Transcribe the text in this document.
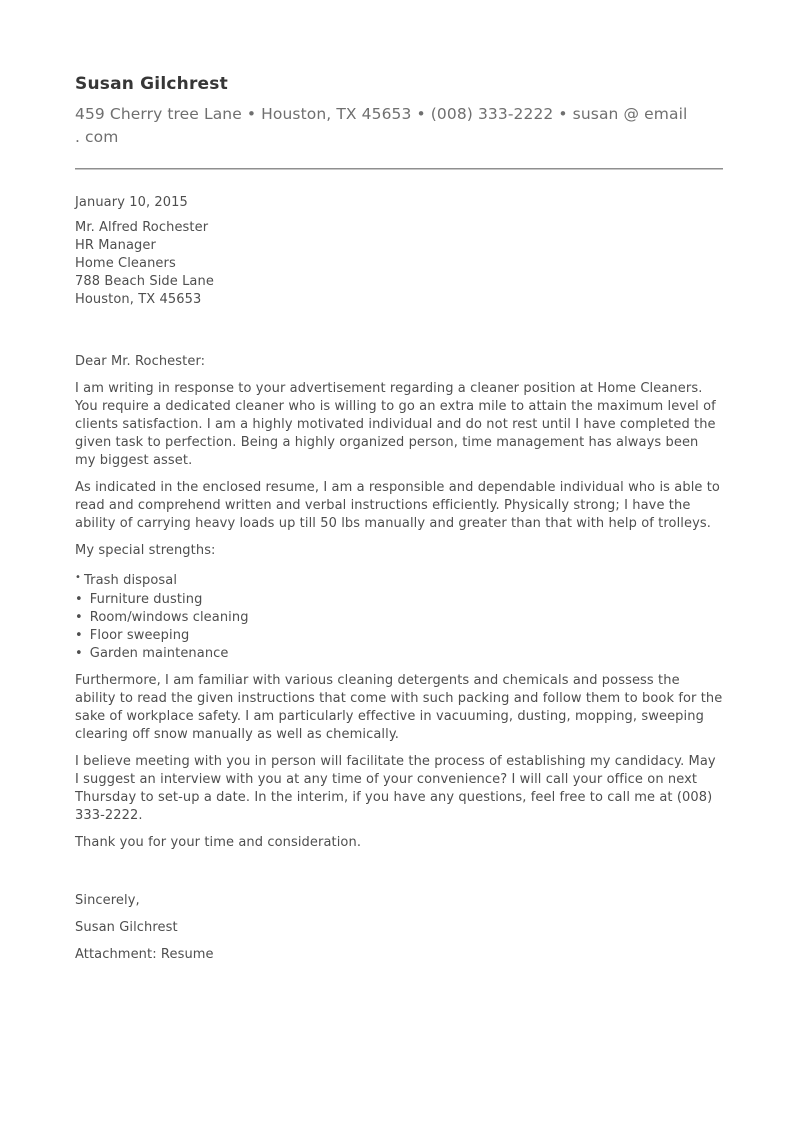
Susan Gilchrest
459 Cherry tree Lane • Houston, TX 45653 • (008) 333-2222 • susan @ email
. com
January 10, 2015
Mr. Alfred Rochester
HR Manager
Home Cleaners
788 Beach Side Lane
Houston, TX 45653

Dear Mr. Rochester:

I am writing in response to your advertisement regarding a cleaner position at Home Cleaners. You require a dedicated cleaner who is willing to go an extra mile to attain the maximum level of clients satisfaction. I am a highly motivated individual and do not rest until I have completed the given task to perfection. Being a highly organized person, time management has always been my biggest asset.

As indicated in the enclosed resume, I am a responsible and dependable individual who is able to read and comprehend written and verbal instructions efficiently. Physically strong; I have the ability of carrying heavy loads up till 50 lbs manually and greater than that with help of trolleys.

My special strengths:

• Trash disposal
• Furniture dusting
• Room/windows cleaning
• Floor sweeping
• Garden maintenance

Furthermore, I am familiar with various cleaning detergents and chemicals and possess the ability to read the given instructions that come with such packing and follow them to book for the sake of workplace safety. I am particularly effective in vacuuming, dusting, mopping, sweeping clearing off snow manually as well as chemically.

I believe meeting with you in person will facilitate the process of establishing my candidacy. May I suggest an interview with you at any time of your convenience? I will call your office on next Thursday to set-up a date. In the interim, if you have any questions, feel free to call me at (008) 333-2222.

Thank you for your time and consideration.

Sincerely,

Susan Gilchrest

Attachment: Resume
